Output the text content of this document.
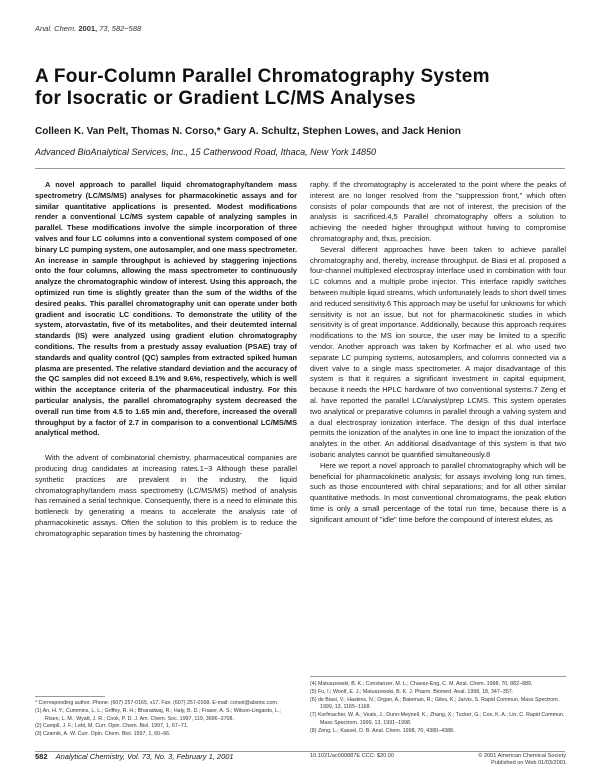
Anal. Chem. 2001, 73, 582−588
A Four-Column Parallel Chromatography System
for Isocratic or Gradient LC/MS Analyses
Colleen K. Van Pelt, Thomas N. Corso,* Gary A. Schultz, Stephen Lowes, and Jack Henion
Advanced BioAnalytical Services, Inc., 15 Catherwood Road, Ithaca, New York 14850

A novel approach to parallel liquid chromatography/tandem mass spectrometry (LC/MS/MS) analyses for pharmacokinetic assays and for similar quantitative applications is presented. Modest modifications render a conventional LC/MS system capable of analyzing samples in parallel. These modifications involve the simple incorporation of three valves and four LC columns into a conventional system composed of one binary LC pumping system, one autosampler, and one mass spectrometer. An increase in sample throughput is achieved by staggering injections onto the four columns, allowing the mass spectrometer to continuously analyze the chromatographic window of interest. Using this approach, the optimized run time is slightly greater than the sum of the widths of the desired peaks. This parallel chromatography unit can operate under both gradient and isocratic LC conditions. To demonstrate the utility of the system, atorvastatin, five of its metabolites, and their deutemted internal standards (IS) were analyzed using gradient elution chromatography conditions. The results from a prestudy assay evaluation (PSAE) tray of standards and quality control (QC) samples from extracted spiked human plasma are presented. The relative standard deviation and the accuracy of the QC samples did not exceed 8.1% and 9.6%, respectively, which is well within the acceptance criteria of the pharmaceutical industry. For this particular analysis, the parallel chromatography system decreased the overall run time from 4.5 to 1.65 min and, therefore, increased the overall throughput by a factor of 2.7 in comparison to a conventional LC/MS/MS analytical method.

With the advent of combinatorial chemistry, pharmaceutical companies are producing drug candidates at increasing rates.1−3 Although these parallel synthetic practices are prevalent in the industry, the liquid chromatography/tandem mass spectrometry (LC/MS/MS) method of analysis has remained a serial technique. Consequently, there is a need to eliminate this bottleneck by generating a means to accelerate the analysis rate of pharmacokinetic assays. Often the solution to this problem is to reduce the chromatographic separation times by hastening the chromatog-

raphy. If the chromatography is accelerated to the point where the peaks of interest are no longer resolved from the "suppression front," which often consists of polar compounds that are not of interest, the precision of the analysis is sacrificed.4,5 Parallel chromatography offers a solution to achieving the needed higher throughput without having to compromise chromatography and, thus, precision.

Several different approaches have been taken to achieve parallel chromatography and, thereby, increase throughput. de Biasi et al. proposed a four-channel multiplexed electrospray interface used in combination with four LC columns and a multiple probe injector. This interface rapidly switches between multiple liquid streams, which unfortunately leads to short dwell times and reduced sensitivity.6 This approach may be useful for unknowns for which sensitivity is not an issue, but not for pharmacokinetic studies in which sensitivity is of great importance. Additionally, because this approach requires modifications to the MS ion source, the user may be limited to a specific vendor. Another approach was taken by Korfmacher et al. who used two separate LC pumping systems, autosamplers, and columns connected via a divert valve to a single mass spectrometer. A major disadvantage of this system is that it requires a significant investment in capital equipment, because it needs the HPLC hardware of two conventional systems.7 Zeng et al. have reported the parallel LC/analyst/prep LCMS. This system operates two analytical or preparative columns in parallel through a valving system and a dual electrospray ionization interface. The design of this dual interface permits the ionization of the analytes in one line to impact the ionization of the analytes in the other. An additional disadvantage of this system is that two isobaric analytes cannot be quantified simultaneously.8

Here we report a novel approach to parallel chromatography which will be beneficial for pharmacokinetic analysis; for assays involving long run times, such as those encountered with chiral separations; and for all other similar quantitative methods. In most conventional chromatograms, the peak elution time is only a small percentage of the total run time, because there is a significant amount of "idle" time before the compound of interest elutes, as

* Corresponding author. Phone: (607) 257-0165, x17. Fax: (607) 257-0168. E-mail: corsot@absinc.com.
(1) An, H. Y.; Cummins, L. L.; Griffey, R. H.; Bharadwaj, R.; Haly, B. D.; Fraser, A. S.; Wilson-Lingardo, L.; Risen, L. M.; Wyatt, J. R.; Cook, P. D. J. Am. Chem. Soc. 1997, 119, 3696−3708.
(2) Campll, J. F.; Lebl, M. Curr. Opin. Chem. Biol. 1997, 1, 67−71.
(3) Czarnik, A. W. Curr. Opin. Chem. Biol. 1997, 1, 60−66.
(4) Matuszewski, B. K.; Constanzer, M. L.; Chavez-Eng, C. M. Anal. Chem. 1998, 70, 882−889.
(5) Fu, I.; Woolf, E. J.; Matuszewski, B. K. J. Pharm. Biomed. Anal. 1998, 18, 347−357.
(6) de Biasi, V.; Haskins, N.; Organ, A.; Bateman, R.; Giles, K.; Jarvis, S. Rapid Commun. Mass Spectrom. 1999, 13, 1165−1168.
(7) Korfmacher, W. A.; Veals, J.; Dunn-Meynell, K.; Zhang, X.; Tucker, G.; Cox, K. A.; Lin, C. Rapid Commun. Mass Spectrom. 1999, 13, 1991−1998.
(8) Zeng, L.; Kassel, D. B. Anal. Chem. 1998, 70, 4380−4388.
582 Analytical Chemistry, Vol. 73, No. 3, February 1, 2001	10.1021/ac000887E CCC: $20.00	© 2001 American Chemical Society
Published on Web 01/03/2001
